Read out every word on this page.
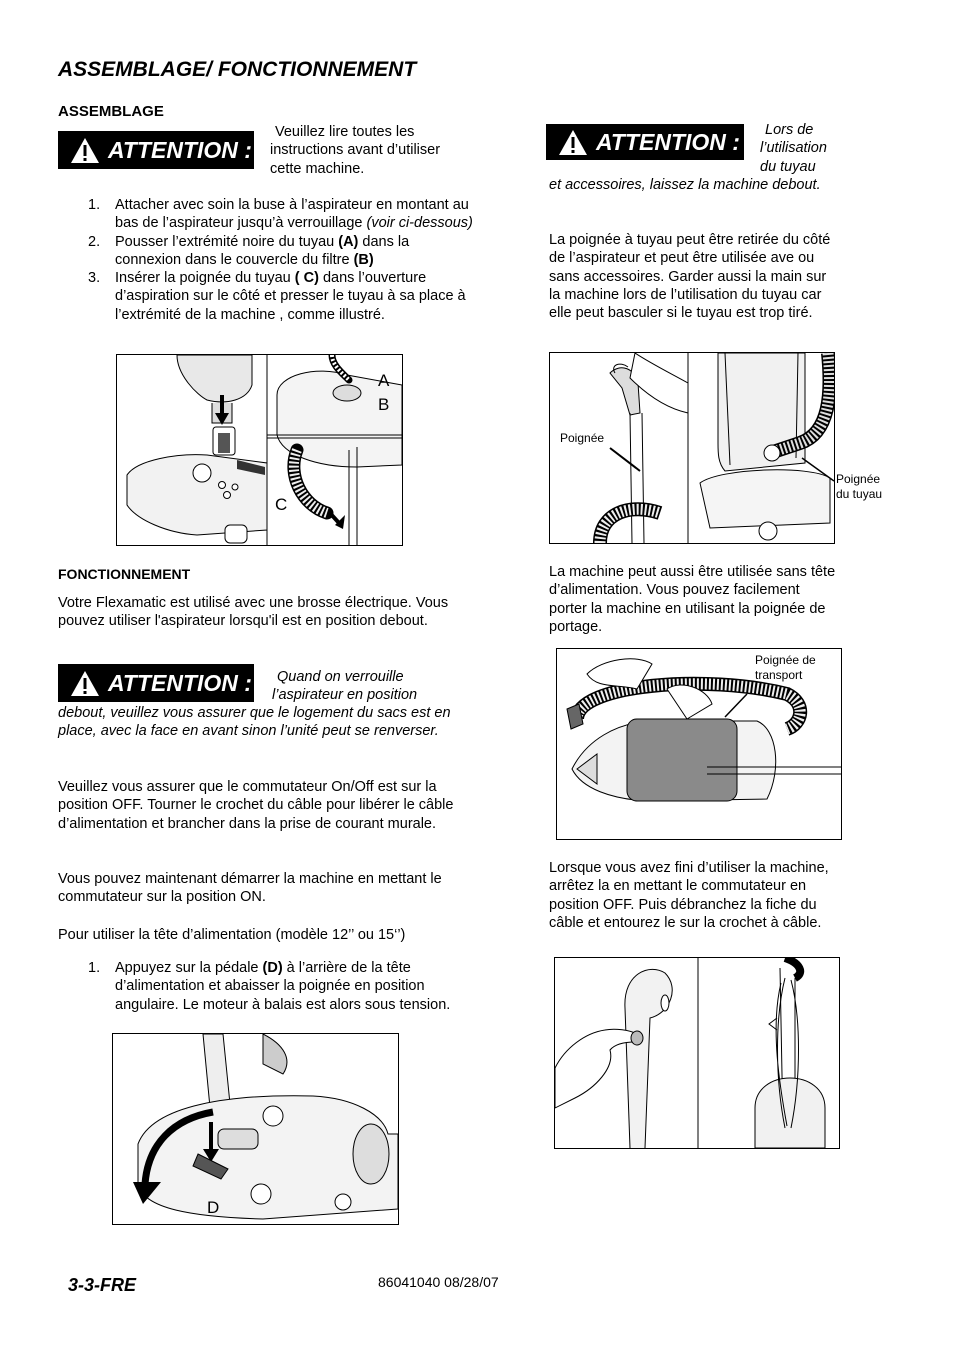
ASSEMBLAGE/ FONCTIONNEMENT
ASSEMBLAGE
ATTENTION :
Veuillez lire toutes les
instructions avant d’utiliser
cette machine.
1. Attacher avec soin la buse à l’aspirateur en montant au bas de l’aspirateur jusqu’à verrouillage (voir ci-dessous)
2. Pousser l’extrémité noire du tuyau (A) dans la connexion dans le couvercle du filtre (B)
3. Insérer la poignée du tuyau ( C) dans l’ouverture d’aspiration sur le côté et presser le tuyau à sa place à l’extrémité de la machine , comme illustré.
A
B
C
FONCTIONNEMENT
Votre Flexamatic est utilisé avec une brosse électrique. Vous pouvez utiliser l'aspirateur lorsqu'il est en position debout.
ATTENTION :	Quand on verrouille
l’aspirateur en position
debout, veuillez vous assurer que le logement du sacs est en place, avec la face en avant sinon l’unité peut se renverser.
Veuillez vous assurer que le commutateur On/Off est sur la position OFF. Tourner le crochet du câble pour libérer le câble d’alimentation et brancher dans la prise de courant murale.
Vous pouvez maintenant démarrer la machine en mettant le commutateur sur la position ON.
Pour utiliser la tête d’alimentation (modèle 12’’ ou 15‘’)
1. Appuyez sur la pédale (D) à l’arrière de la tête d’alimentation et abaisser la poignée en position angulaire. Le moteur à balais est alors sous tension.
D
ATTENTION :	Lors de
l’utilisation
du tuyau
et accessoires, laissez la machine debout.
La poignée à tuyau peut être retirée du côté de l’aspirateur et peut être utilisée ave ou sans accessoires. Garder aussi la main sur la machine lors de l’utilisation du tuyau car elle peut basculer si le tuyau est trop tiré.
Poignée
Poignée
du tuyau
La machine peut aussi être utilisée sans tête d’alimentation. Vous pouvez facilement porter la machine en utilisant la poignée de portage.
Poignée de
transport
Lorsque vous avez fini d’utiliser la machine, arrêtez la en mettant le commutateur en position OFF. Puis débranchez la fiche du câble et entourez le sur la crochet à câble.
3-3-FRE	86041040 08/28/07
